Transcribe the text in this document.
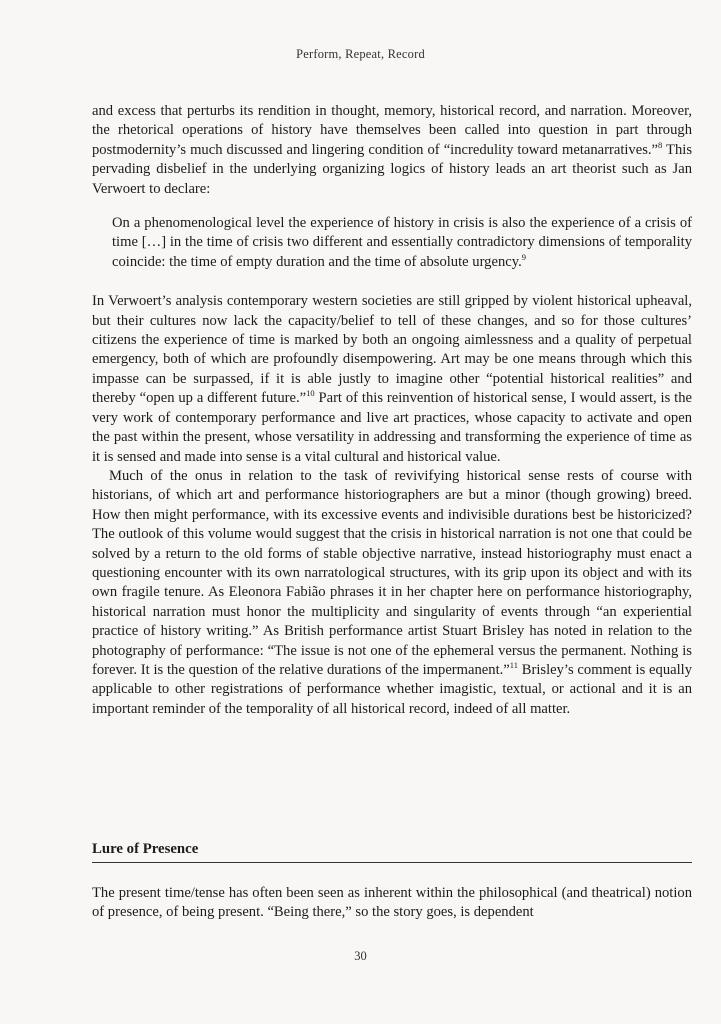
Perform, Repeat, Record

and excess that perturbs its rendition in thought, memory, historical record, and narration. Moreover, the rhetorical operations of history have themselves been called into question in part through postmodernity’s much discussed and lingering condition of “incredulity toward metanarratives.”$^8$ This pervading disbelief in the underlying organizing logics of history leads an art theorist such as Jan Verwoert to declare:

On a phenomenological level the experience of history in crisis is also the experience of a crisis of time […] in the time of crisis two different and essentially contradictory dimensions of temporality coincide: the time of empty duration and the time of absolute urgency.$^9$

In Verwoert’s analysis contemporary western societies are still gripped by violent historical upheaval, but their cultures now lack the capacity/belief to tell of these changes, and so for those cultures’ citizens the experience of time is marked by both an ongoing aimlessness and a quality of perpetual emergency, both of which are profoundly disempowering. Art may be one means through which this impasse can be surpassed, if it is able justly to imagine other “potential historical realities” and thereby “open up a different future.”$^{10}$ Part of this reinvention of historical sense, I would assert, is the very work of contemporary performance and live art practices, whose capacity to activate and open the past within the present, whose versatility in addressing and transforming the experience of time as it is sensed and made into sense is a vital cultural and historical value.

Much of the onus in relation to the task of revivifying historical sense rests of course with historians, of which art and performance historiographers are but a minor (though growing) breed. How then might performance, with its excessive events and indivisible durations best be historicized? The outlook of this volume would suggest that the crisis in historical narration is not one that could be solved by a return to the old forms of stable objective narrative, instead historiography must enact a questioning encounter with its own narratological structures, with its grip upon its object and with its own fragile tenure. As Eleonora Fabião phrases it in her chapter here on performance historiography, historical narration must honor the multiplicity and singularity of events through “an experiential practice of history writing.” As British performance artist Stuart Brisley has noted in relation to the photography of performance: “The issue is not one of the ephemeral versus the permanent. Nothing is forever. It is the question of the relative durations of the impermanent.”$^{11}$ Brisley’s comment is equally applicable to other registrations of performance whether imagistic, textual, or actional and it is an important reminder of the temporality of all historical record, indeed of all matter.

Lure of Presence

The present time/tense has often been seen as inherent within the philosophical (and theatrical) notion of presence, of being present. “Being there,” so the story goes, is dependent

30
